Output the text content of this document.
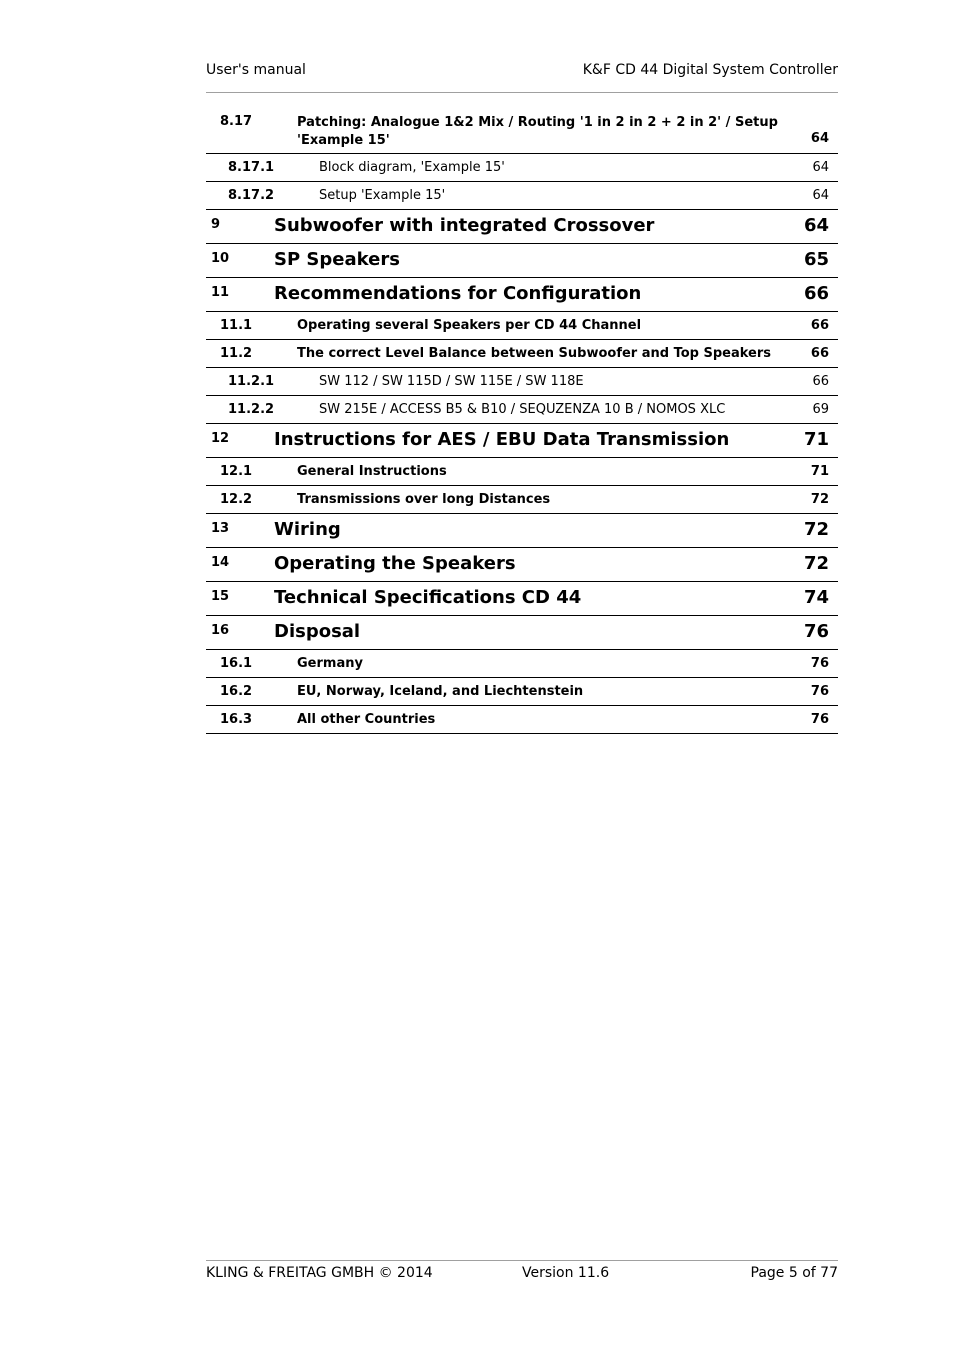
User's manual	K&F CD 44 Digital System Controller
8.17	Patching: Analogue 1&2 Mix / Routing '1 in 2 in 2 + 2 in 2' / Setup 'Example 15'	64
8.17.1	Block diagram, 'Example 15'	64
8.17.2	Setup 'Example 15'	64
9	Subwoofer with integrated Crossover	64
10 SP Speakers	65
11 Recommendations for Configuration	66
11.1	Operating several Speakers per CD 44 Channel	66
11.2	The correct Level Balance between Subwoofer and Top Speakers	66
11.2.1	SW 112 / SW 115D / SW 115E / SW 118E	66
11.2.2	SW 215E / ACCESS B5 & B10 / SEQUZENZA 10 B / NOMOS XLC	69
12 Instructions for AES / EBU Data Transmission	71
12.1	General Instructions	71
12.2	Transmissions over long Distances	72
13 Wiring	72
14 Operating the Speakers	72
15 Technical Specifications CD 44	74
16 Disposal	76
16.1	Germany	76
16.2	EU, Norway, Iceland, and Liechtenstein	76
16.3	All other Countries	76
KLING & FREITAG GMBH © 2014	Version 11.6	Page 5 of 77
